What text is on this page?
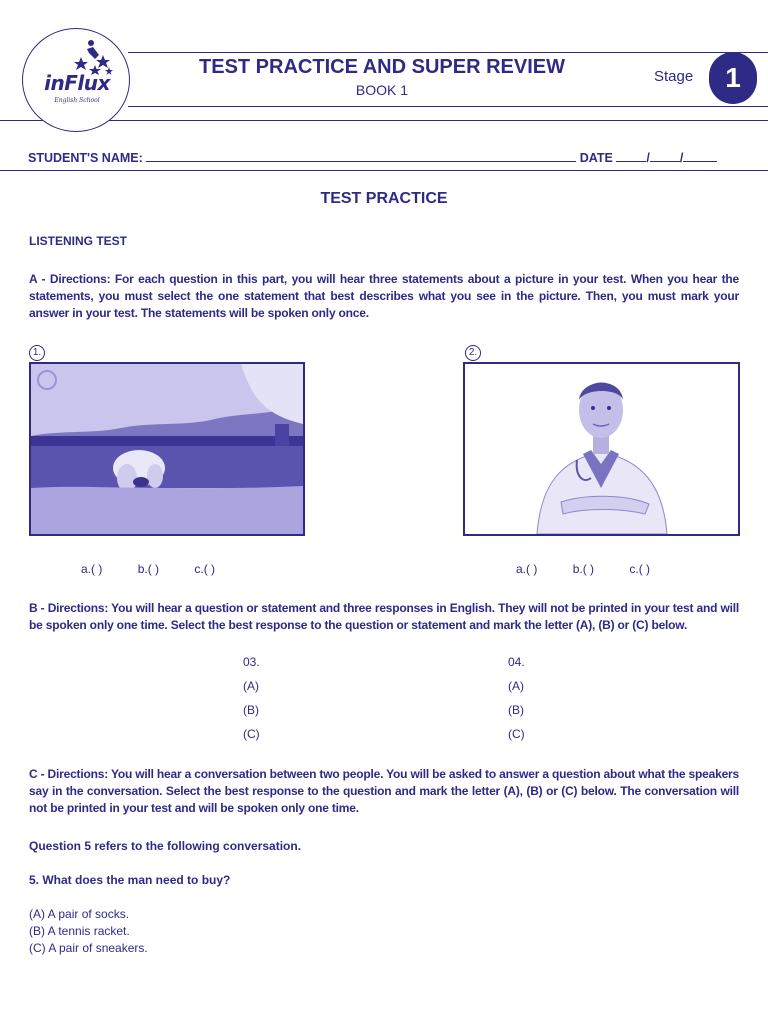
inFlux
English School
TEST PRACTICE AND SUPER REVIEW
BOOK 1
Stage	1
STUDENT'S NAME:	DATE	/ /
TEST PRACTICE
LISTENING TEST
A - Directions: For each question in this part, you will hear three statements about a picture in your test. When you hear the statements, you must select the one statement that best describes what you see in the picture. Then, you must mark your answer in your test. The statements will be spoken only once.
1.
a.( )	b.( )	c.( )
2.
a.( )	b.( )	c.( )
B - Directions: You will hear a question or statement and three responses in English. They will not be printed in your test and will be spoken only one time. Select the best response to the question or statement and mark the letter (A), (B) or (C) below.
03.
(A)
(B)
(C)
04.
(A)
(B)
(C)
C - Directions: You will hear a conversation between two people. You will be asked to answer a question about what the speakers say in the conversation. Select the best response to the question and mark the letter (A), (B) or (C) below. The conversation will not be printed in your test and will be spoken only one time.
Question 5 refers to the following conversation.
5. What does the man need to buy?
(A) A pair of socks.
(B) A tennis racket.
(C) A pair of sneakers.
